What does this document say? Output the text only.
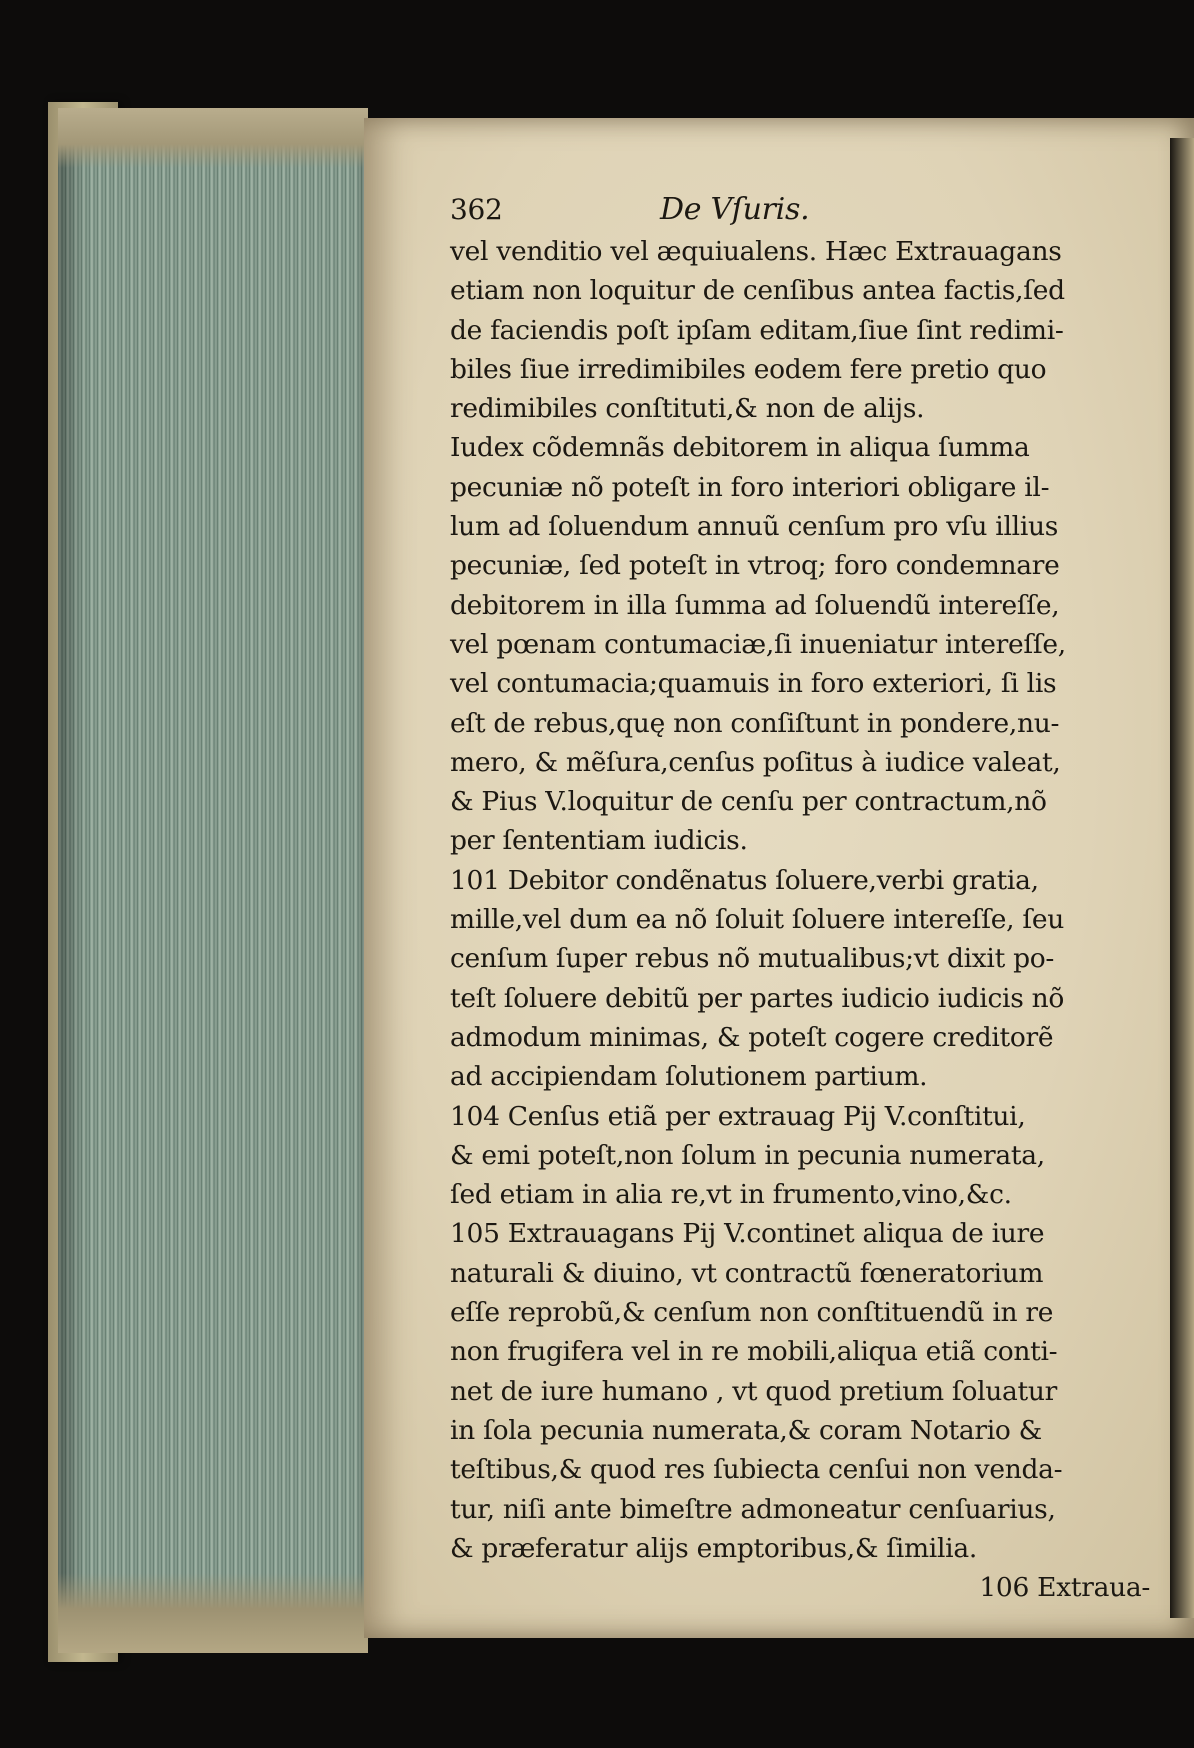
362	De Vſuris.
vel venditio vel æquiualens. Hæc Extrauagans
etiam non loquitur de cenſibus antea factis,ſed
de faciendis poſt ipſam editam,ſiue ſint redimi-
biles ſiue irredimibiles eodem fere pretio quo
redimibiles conſtituti,& non de alijs.
Iudex cõdemnãs debitorem in aliqua ſumma
pecuniæ nõ poteſt in foro interiori obligare il-
lum ad ſoluendum annuũ cenſum pro vſu illius
pecuniæ, ſed poteſt in vtroq; foro condemnare
debitorem in illa ſumma ad ſoluendũ intereſſe,
vel pœnam contumaciæ,ſi inueniatur intereſſe,
vel contumacia;quamuis in foro exteriori, ſi lis
eſt de rebus,quę non conſiſtunt in pondere,nu-
mero, & mẽſura,cenſus poſitus à iudice valeat,
& Pius V.loquitur de cenſu per contractum,nõ
per ſententiam iudicis.
101 Debitor condẽnatus ſoluere,verbi gratia,
mille,vel dum ea nõ ſoluit ſoluere intereſſe, ſeu
cenſum ſuper rebus nõ mutualibus;vt dixit po-
teſt ſoluere debitũ per partes iudicio iudicis nõ
admodum minimas, & poteſt cogere creditorẽ
ad accipiendam ſolutionem partium.
104 Cenſus etiã per extrauag Pij V.conſtitui,
& emi poteſt,non ſolum in pecunia numerata,
ſed etiam in alia re,vt in frumento,vino,&c.
105 Extrauagans Pij V.continet aliqua de iure
naturali & diuino, vt contractũ fœneratorium
eſſe reprobũ,& cenſum non conſtituendũ in re
non frugifera vel in re mobili,aliqua etiã conti-
net de iure humano , vt quod pretium ſoluatur
in ſola pecunia numerata,& coram Notario &
teſtibus,& quod res ſubiecta cenſui non venda-
tur, niſi ante bimeſtre admoneatur cenſuarius,
& præferatur alijs emptoribus,& ſimilia.
106 Extraua-
